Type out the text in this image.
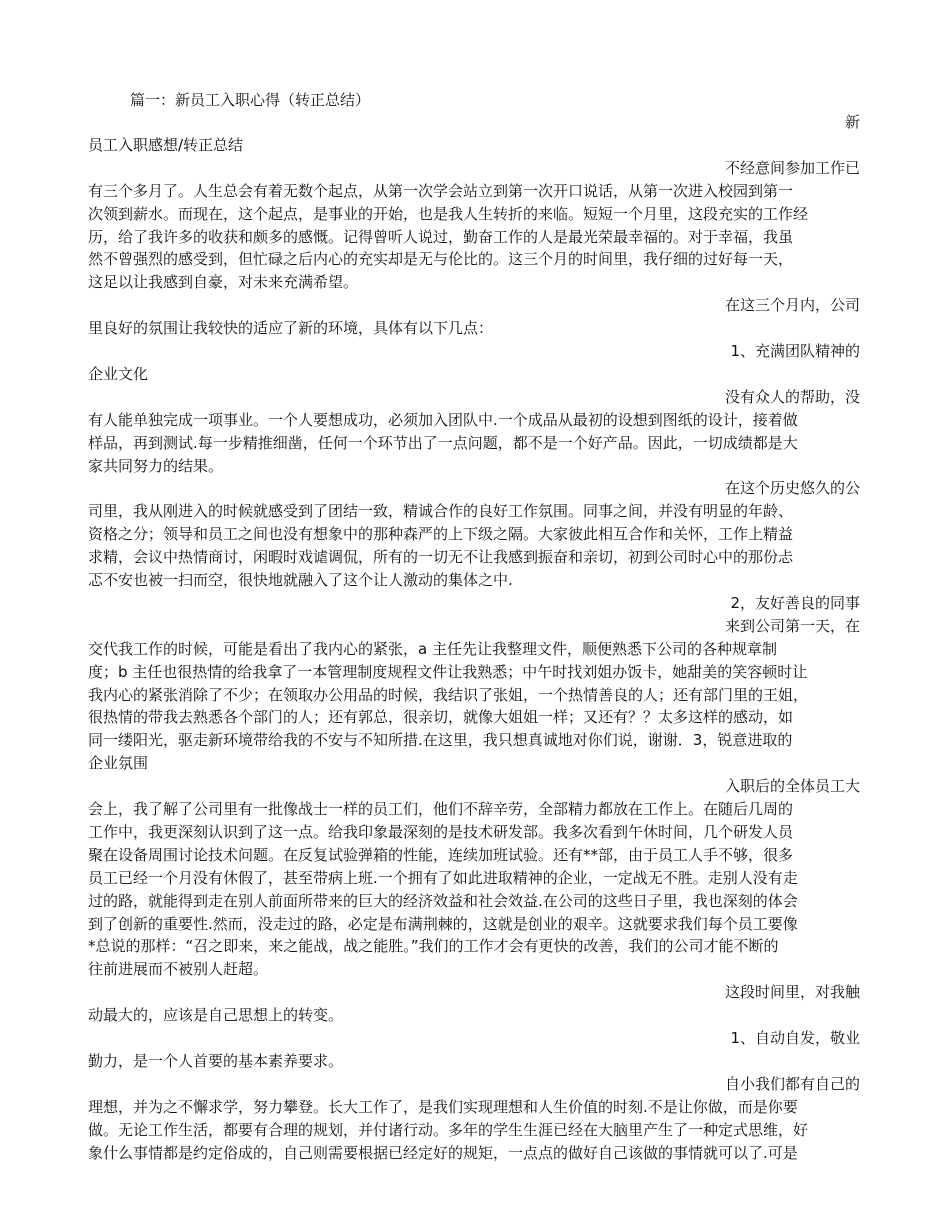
篇一：新员工入职心得（转正总结）
新
员工入职感想/转正总结
不经意间参加工作已
有三个多月了。人生总会有着无数个起点，从第一次学会站立到第一次开口说话，从第一次进入校园到第一
次领到薪水。而现在，这个起点，是事业的开始，也是我人生转折的来临。短短一个月里，这段充实的工作经
历，给了我许多的收获和颇多的感慨。记得曾听人说过，勤奋工作的人是最光荣最幸福的。对于幸福，我虽
然不曾强烈的感受到，但忙碌之后内心的充实却是无与伦比的。这三个月的时间里，我仔细的过好每一天，
这足以让我感到自豪，对未来充满希望。
在这三个月内，公司
里良好的氛围让我较快的适应了新的环境，具体有以下几点：
1、充满团队精神的
企业文化
没有众人的帮助，没
有人能单独完成一项事业。一个人要想成功，必须加入团队中.一个成品从最初的设想到图纸的设计，接着做
样品，再到测试.每一步精推细凿，任何一个环节出了一点问题，都不是一个好产品。因此，一切成绩都是大
家共同努力的结果。
在这个历史悠久的公
司里，我从刚进入的时候就感受到了团结一致，精诚合作的良好工作氛围。同事之间，并没有明显的年龄、
资格之分；领导和员工之间也没有想象中的那种森严的上下级之隔。大家彼此相互合作和关怀，工作上精益
求精，会议中热情商讨，闲暇时戏谑调侃，所有的一切无不让我感到振奋和亲切，初到公司时心中的那份忐
忑不安也被一扫而空，很快地就融入了这个让人激动的集体之中.
2，友好善良的同事
来到公司第一天，在
交代我工作的时候，可能是看出了我内心的紧张，a 主任先让我整理文件，顺便熟悉下公司的各种规章制
度；b 主任也很热情的给我拿了一本管理制度规程文件让我熟悉；中午时找刘姐办饭卡，她甜美的笑容顿时让
我内心的紧张消除了不少；在领取办公用品的时候，我结识了张姐，一个热情善良的人；还有部门里的王姐，
很热情的带我去熟悉各个部门的人；还有郭总，很亲切，就像大姐姐一样；又还有？？太多这样的感动，如
同一缕阳光，驱走新环境带给我的不安与不知所措.在这里，我只想真诚地对你们说，谢谢．3，锐意进取的
企业氛围
入职后的全体员工大
会上，我了解了公司里有一批像战士一样的员工们，他们不辞辛劳，全部精力都放在工作上。在随后几周的
工作中，我更深刻认识到了这一点。给我印象最深刻的是技术研发部。我多次看到午休时间，几个研发人员
聚在设备周围讨论技术问题。在反复试验弹箱的性能，连续加班试验。还有**部，由于员工人手不够，很多
员工已经一个月没有休假了，甚至带病上班.一个拥有了如此进取精神的企业，一定战无不胜。走别人没有走
过的路，就能得到走在别人前面所带来的巨大的经济效益和社会效益.在公司的这些日子里，我也深刻的体会
到了创新的重要性.然而，没走过的路，必定是布满荆棘的，这就是创业的艰辛。这就要求我们每个员工要像
*总说的那样：“召之即来，来之能战，战之能胜。”我们的工作才会有更快的改善，我们的公司才能不断的
往前进展而不被别人赶超。
这段时间里，对我触
动最大的，应该是自己思想上的转变。
1、自动自发，敬业
勤力，是一个人首要的基本素养要求。
自小我们都有自己的
理想，并为之不懈求学，努力攀登。长大工作了，是我们实现理想和人生价值的时刻.不是让你做，而是你要
做。无论工作生活，都要有合理的规划，并付诸行动。多年的学生生涯已经在大脑里产生了一种定式思维，好
象什么事情都是约定俗成的，自己则需要根据已经定好的规矩，一点点的做好自己该做的事情就可以了.可是
